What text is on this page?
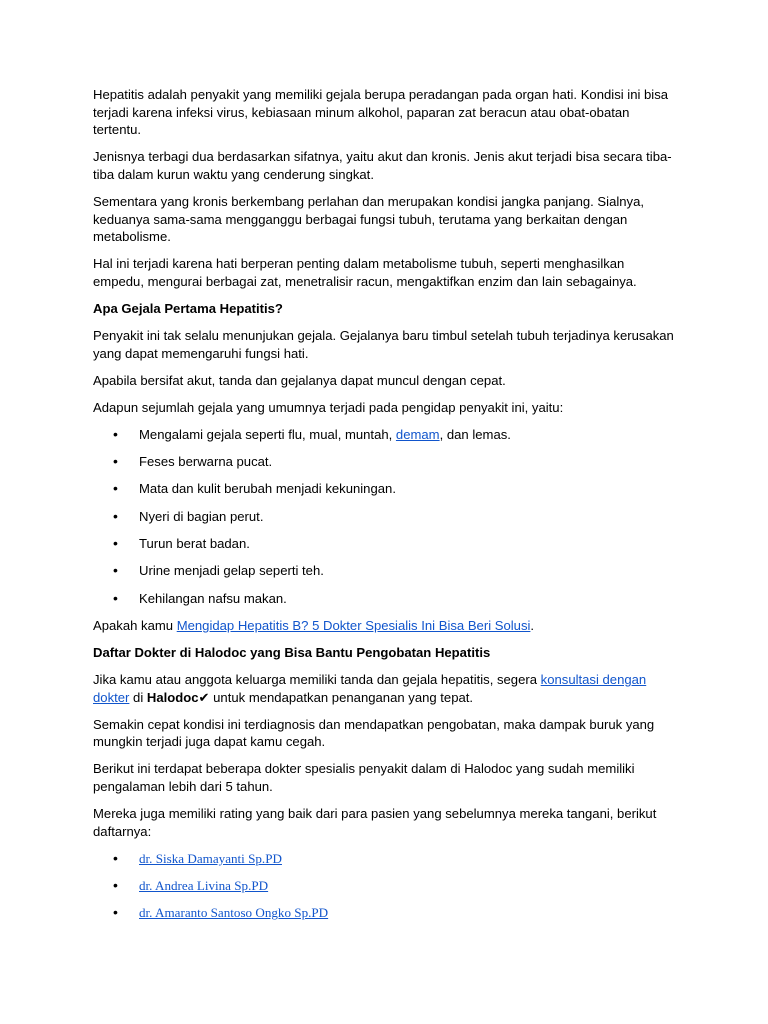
Hepatitis adalah penyakit yang memiliki gejala berupa peradangan pada organ hati. Kondisi ini bisa terjadi karena infeksi virus, kebiasaan minum alkohol, paparan zat beracun atau obat-obatan tertentu.

Jenisnya terbagi dua berdasarkan sifatnya, yaitu akut dan kronis. Jenis akut terjadi bisa secara tiba-tiba dalam kurun waktu yang cenderung singkat.

Sementara yang kronis berkembang perlahan dan merupakan kondisi jangka panjang. Sialnya, keduanya sama-sama mengganggu berbagai fungsi tubuh, terutama yang berkaitan dengan metabolisme.

Hal ini terjadi karena hati berperan penting dalam metabolisme tubuh, seperti menghasilkan empedu, mengurai berbagai zat, menetralisir racun, mengaktifkan enzim dan lain sebagainya.

Apa Gejala Pertama Hepatitis?

Penyakit ini tak selalu menunjukan gejala. Gejalanya baru timbul setelah tubuh terjadinya kerusakan yang dapat memengaruhi fungsi hati.

Apabila bersifat akut, tanda dan gejalanya dapat muncul dengan cepat.

Adapun sejumlah gejala yang umumnya terjadi pada pengidap penyakit ini, yaitu:

• Mengalami gejala seperti flu, mual, muntah, demam, dan lemas.
• Feses berwarna pucat.
• Mata dan kulit berubah menjadi kekuningan.
• Nyeri di bagian perut.
• Turun berat badan.
• Urine menjadi gelap seperti teh.
• Kehilangan nafsu makan.

Apakah kamu Mengidap Hepatitis B? 5 Dokter Spesialis Ini Bisa Beri Solusi.

Daftar Dokter di Halodoc yang Bisa Bantu Pengobatan Hepatitis

Jika kamu atau anggota keluarga memiliki tanda dan gejala hepatitis, segera konsultasi dengan dokter di Halodoc✔ untuk mendapatkan penanganan yang tepat.

Semakin cepat kondisi ini terdiagnosis dan mendapatkan pengobatan, maka dampak buruk yang mungkin terjadi juga dapat kamu cegah.

Berikut ini terdapat beberapa dokter spesialis penyakit dalam di Halodoc yang sudah memiliki pengalaman lebih dari 5 tahun.

Mereka juga memiliki rating yang baik dari para pasien yang sebelumnya mereka tangani, berikut daftarnya:

• dr. Siska Damayanti Sp.PD
• dr. Andrea Livina Sp.PD
• dr. Amaranto Santoso Ongko Sp.PD
